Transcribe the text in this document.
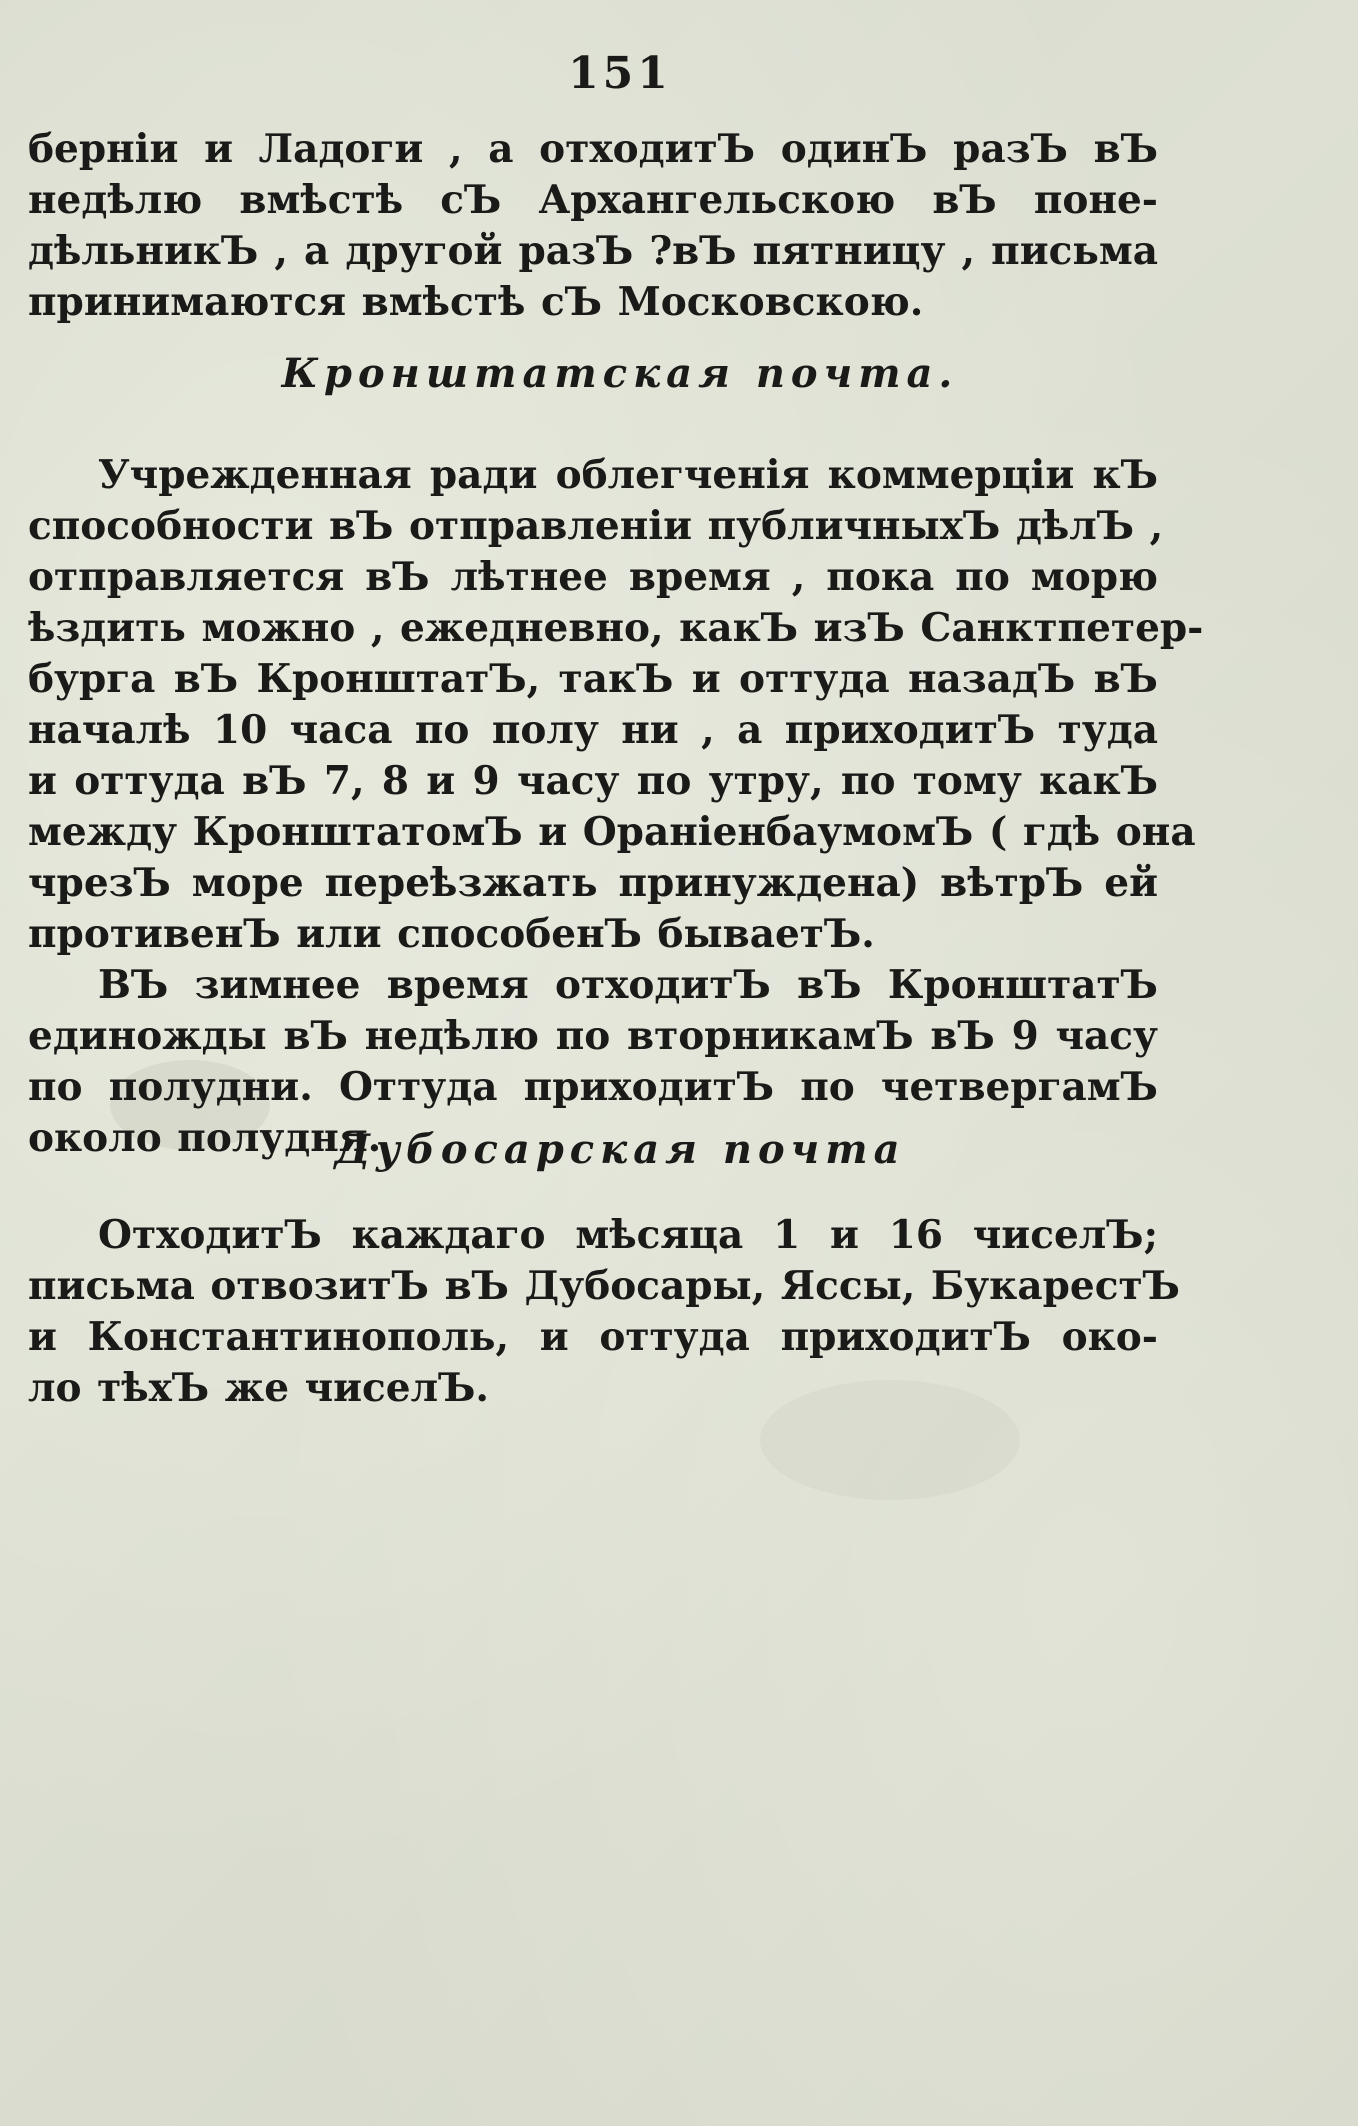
151
берніи и Ладоги , а отходитЪ одинЪ разЪ вЪ
недѣлю вмѣстѣ сЪ Архангельскою вЪ поне-
дѣльникЪ , а другой разЪ ?вЪ пятницу , письма
принимаются вмѣстѣ сЪ Московскою.
Кронштатская почта.
Учрежденная ради облегченія коммерціи кЪ
способности вЪ отправленіи публичныхЪ дѣлЪ ,
отправляется вЪ лѣтнее время , пока по морю
ѣздить можно , ежедневно, какЪ изЪ Санктпетер-
бурга вЪ КронштатЪ, такЪ и оттуда назадЪ вЪ
началѣ 10 часа по полу ни , а приходитЪ туда
и оттуда вЪ 7, 8 и 9 часу по утру, по тому какЪ
между КронштатомЪ и ОраніенбаумомЪ ( гдѣ она
чрезЪ море переѣзжать принуждена) вѣтрЪ ей
противенЪ или способенЪ бываетЪ.
ВЪ зимнее время отходитЪ вЪ КронштатЪ
единожды вЪ недѣлю по вторникамЪ вЪ 9 часу
по полудни. Оттуда приходитЪ по четвергамЪ
около полудня.
Дубосарская почта
ОтходитЪ каждаго мѣсяца 1 и 16 чиселЪ;
письма отвозитЪ вЪ Дубосары, Яссы, БукарестЪ
и Константинополь, и оттуда приходитЪ око-
ло тѣхЪ же чиселЪ.
